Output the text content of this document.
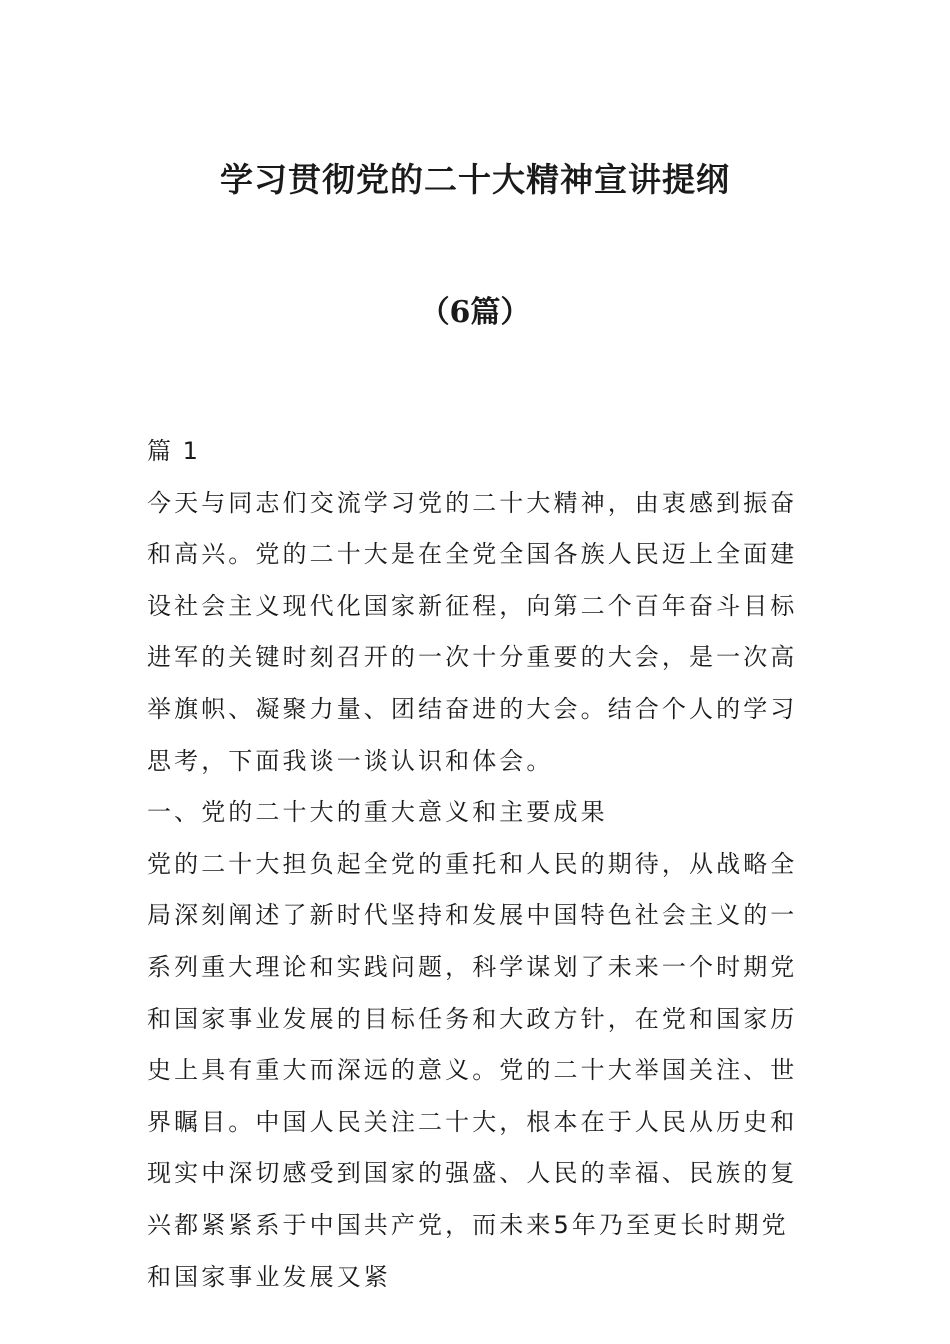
学习贯彻党的二十大精神宣讲提纲
（6篇）

篇 1

今天与同志们交流学习党的二十大精神，由衷感到振奋和高兴。党的二十大是在全党全国各族人民迈上全面建设社会主义现代化国家新征程，向第二个百年奋斗目标进军的关键时刻召开的一次十分重要的大会，是一次高举旗帜、凝聚力量、团结奋进的大会。结合个人的学习思考，下面我谈一谈认识和体会。

一、党的二十大的重大意义和主要成果

党的二十大担负起全党的重托和人民的期待，从战略全局深刻阐述了新时代坚持和发展中国特色社会主义的一系列重大理论和实践问题，科学谋划了未来一个时期党和国家事业发展的目标任务和大政方针，在党和国家历史上具有重大而深远的意义。党的二十大举国关注、世界瞩目。中国人民关注二十大，根本在于人民从历史和现实中深切感受到国家的强盛、人民的幸福、民族的复兴都紧紧系于中国共产党，而未来5年乃至更长时期党和国家事业发展又紧
